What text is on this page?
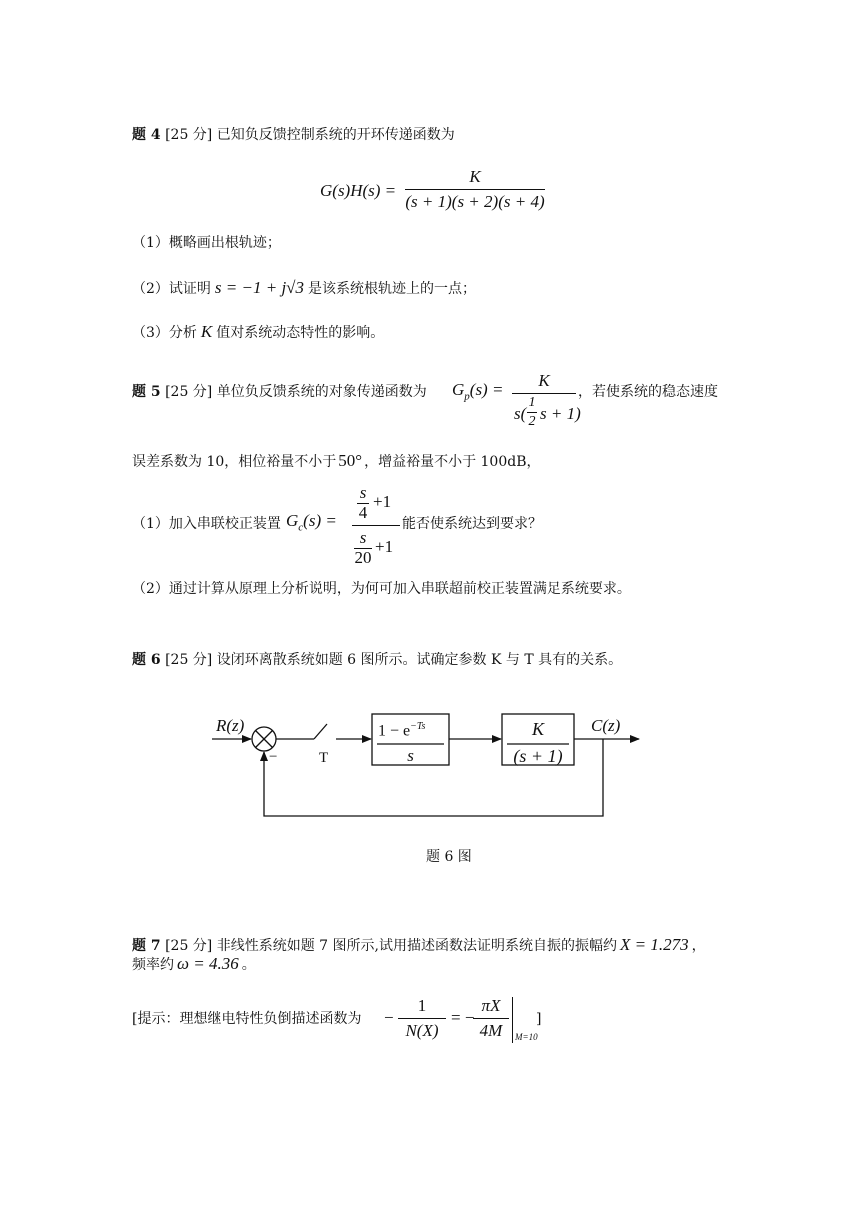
题 4 [25 分] 已知负反馈控制系统的开环传递函数为
G(s)H(s) =
K
(s + 1)(s + 2)(s + 4)
（1）概略画出根轨迹；
（2）试证明 s = −1 + j√3 是该系统根轨迹上的一点；
（3）分析 K 值对系统动态特性的影响。
题 5 [25 分] 单位负反馈系统的对象传递函数为 $G_p(s)$ =	K
s(
1
2 s + 1)
，若使系统的稳态速度
误差系数为 10，相位裕量不小于 50° ，增益裕量不小于 100dB，
（1）加入串联校正装置 $G_c(s)$ =
s
4
+1
s
20
+1
能否使系统达到要求？
（2）通过计算从原理上分析说明，为何可加入串联超前校正装置满足系统要求。
题 6 [25 分] 设闭环离散系统如题 6 图所示。试确定参数 K 与 T 具有的关系。
R(z)	C(z)
−	T
$1 - e^{-Ts}$
s
K
(s + 1)
题 6 图
题 7 [25 分] 非线性系统如题 7 图所示,试用描述函数法证明系统自振的振幅约 X = 1.273 ，
频率约 ω = 4.36 。
[提示：理想继电特性负倒描述函数为 −
1
N(X)
= −
πX
4M	M=10
]
